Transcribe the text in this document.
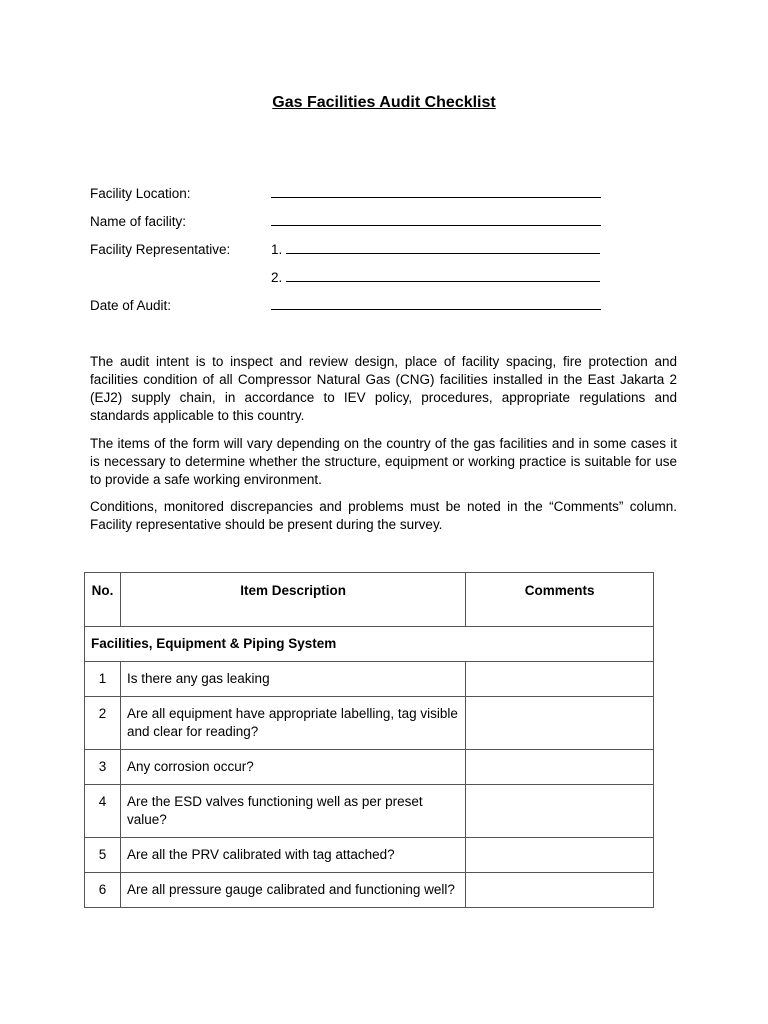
Gas Facilities Audit Checklist
Facility Location:
Name of facility:
Facility Representative:	1.
2.
Date of Audit:

The audit intent is to inspect and review design, place of facility spacing, fire protection and facilities condition of all Compressor Natural Gas (CNG) facilities installed in the East Jakarta 2 (EJ2) supply chain, in accordance to IEV policy, procedures, appropriate regulations and standards applicable to this country.

The items of the form will vary depending on the country of the gas facilities and in some cases it is necessary to determine whether the structure, equipment or working practice is suitable for use to provide a safe working environment.

Conditions, monitored discrepancies and problems must be noted in the “Comments” column. Facility representative should be present during the survey.

No.	Item Description	Comments
Facilities, Equipment & Piping System		
1	Is there any gas leaking	
2	Are all equipment have appropriate labelling, tag visible and clear for reading?	
3	Any corrosion occur?	
4	Are the ESD valves functioning well as per preset value?	
5	Are all the PRV calibrated with tag attached?	
6	Are all pressure gauge calibrated and functioning well?	
